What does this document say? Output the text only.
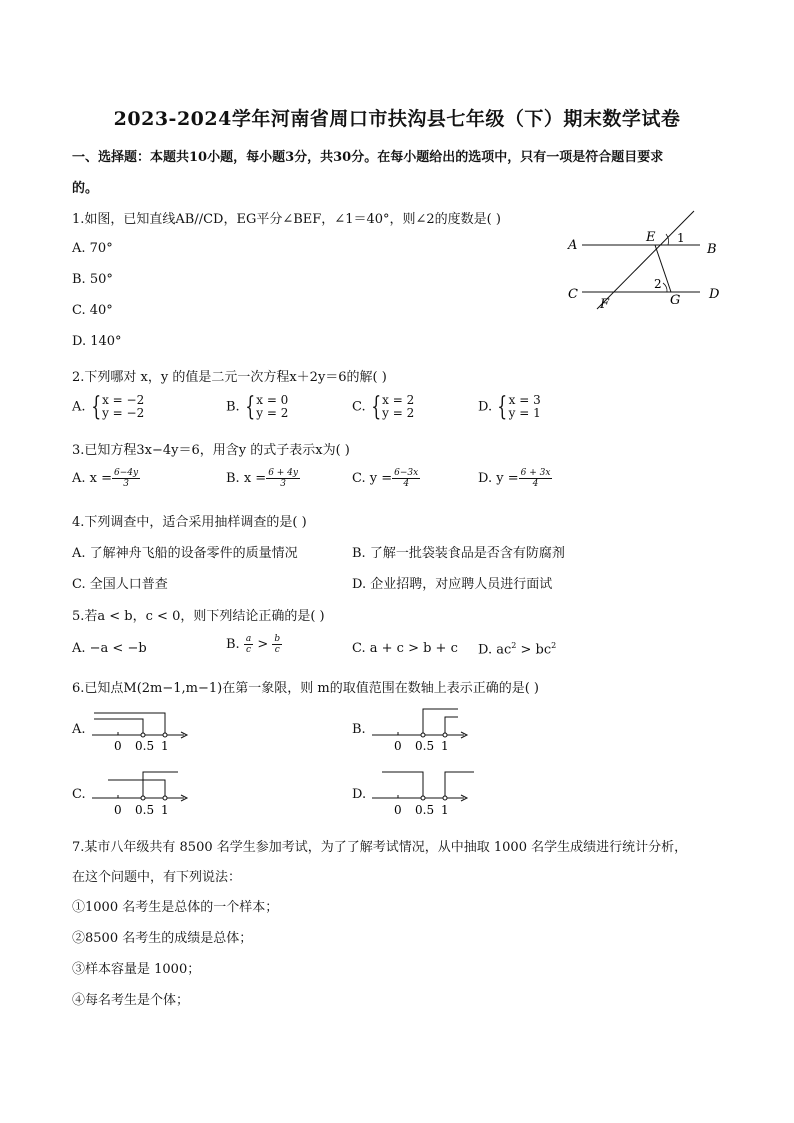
2023-2024学年河南省周口市扶沟县七年级（下）期末数学试卷
一、选择题：本题共10小题，每小题3分，共30分。在每小题给出的选项中，只有一项是符合题目要求
的。
1.如图，已知直线AB//CD，EG平分∠BEF，∠1＝40°，则∠2的度数是( )
A. 70°
B. 50°
C. 40°
D. 140°
A	B
C	D
E
F	G
1
2
2.下列哪对 x，y 的值是二元一次方程x＋2y＝6的解( )
A. {x = −2
y = −2	B. {x = 0
y = 2	C. {x = 2
y = 2	D. {x = 3
y = 1
3.已知方程3x−4y＝6，用含y 的式子表示x为( )
A. $x = \frac{6-4y}{3}$	B. $x = \frac{6 + 4y}{3}$	C. $y = \frac{6-3x}{4}$	D. $y = \frac{6 + 3x}{4}$
4.下列调查中，适合采用抽样调查的是( )
A. 了解神舟飞船的设备零件的质量情况	B. 了解一批袋装食品是否含有防腐剂
C. 全国人口普查	D. 企业招聘，对应聘人员进行面试
5.若a < b，c < 0，则下列结论正确的是( )
A. −a < −b	B. $\frac{a}{c} > \frac{b}{c}$	C. a + c > b + c D. $ac^2 > bc^2$
6.已知点M(2m−1,m−1)在第一象限，则 m的取值范围在数轴上表示正确的是( )
A.
0 0.5 1
B.
0 0.5 1
C.
0 0.5 1
D.
0 0.5 1
7.某市八年级共有 8500 名学生参加考试，为了了解考试情况，从中抽取 1000 名学生成绩进行统计分析，
在这个问题中，有下列说法：
①1000 名考生是总体的一个样本；
②8500 名考生的成绩是总体；
③样本容量是 1000；
④每名考生是个体；
